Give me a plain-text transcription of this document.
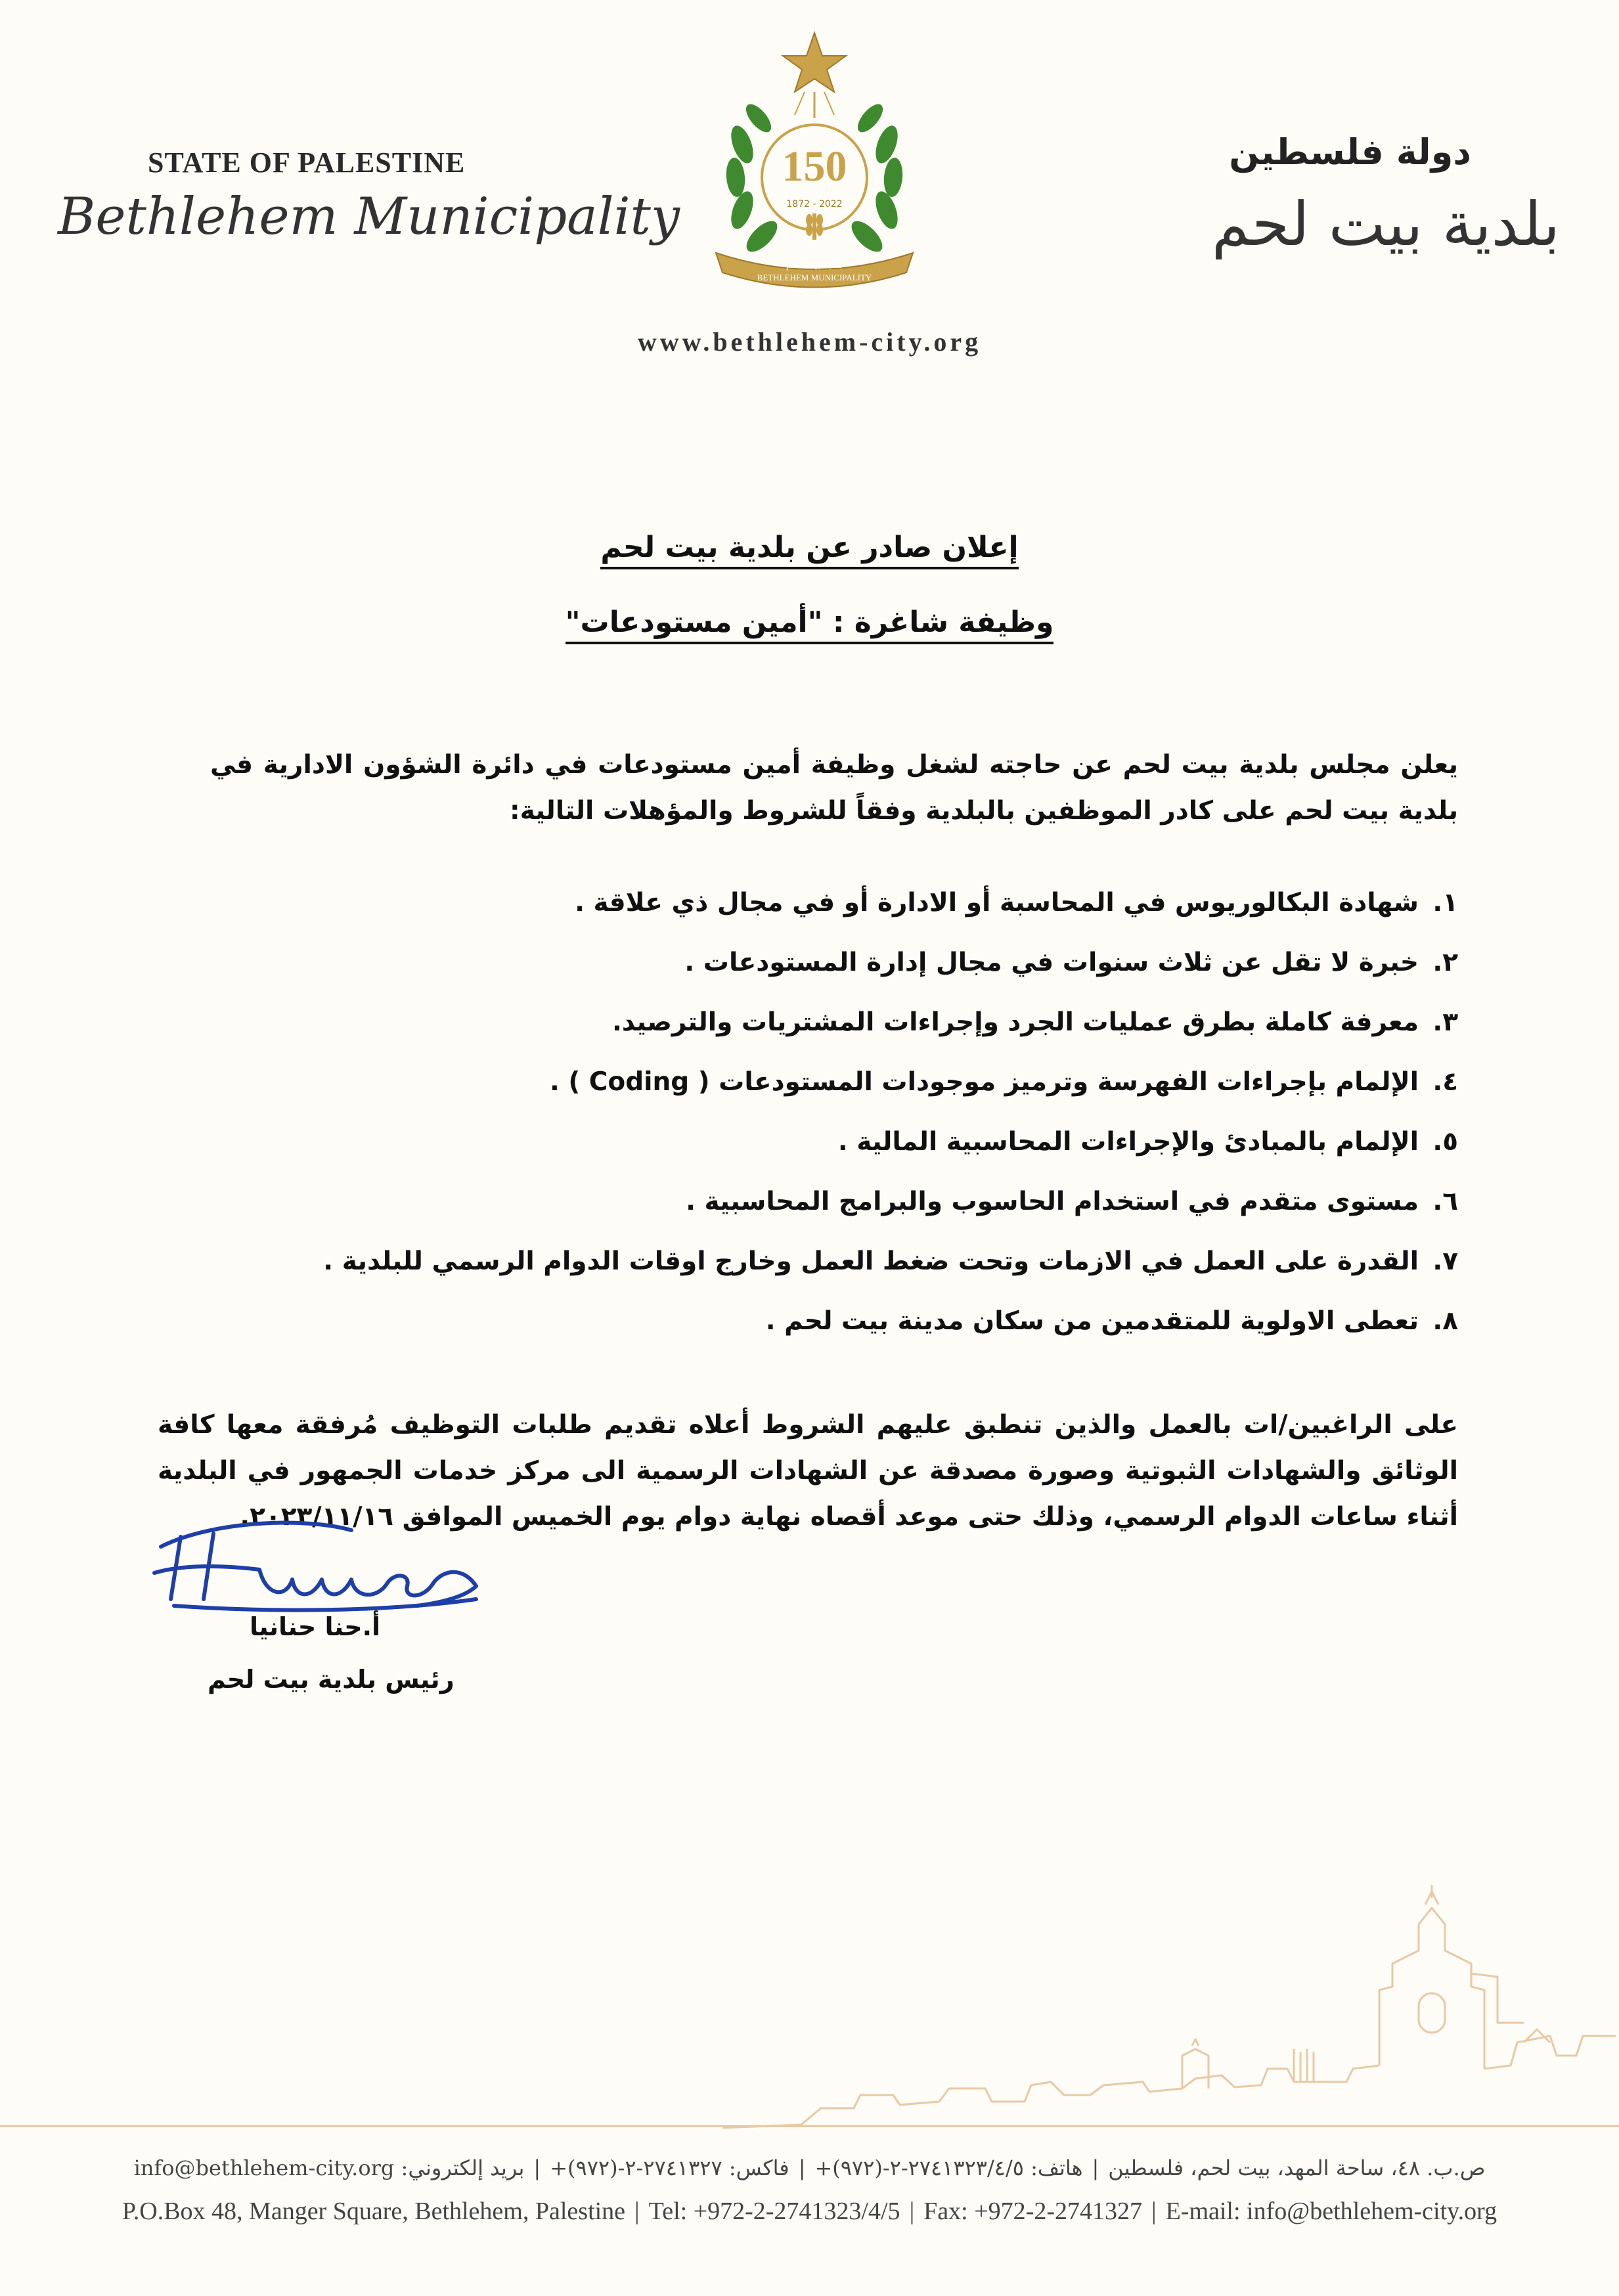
STATE OF PALESTINE
Bethlehem Municipality
دولة فلسطين
بلدية بيت لحم
150
1872 - 2022
بلدية بيت لحم
BETHLEHEM MUNICIPALITY
www.bethlehem-city.org
إعلان صادر عن بلدية بيت لحم
وظيفة شاغرة : "أمين مستودعات"
يعلن مجلس بلدية بيت لحم عن حاجته لشغل وظيفة أمين مستودعات في دائرة الشؤون الادارية في بلدية بيت لحم على كادر الموظفين بالبلدية وفقاً للشروط والمؤهلات التالية:
١.شهادة البكالوريوس في المحاسبة أو الادارة أو في مجال ذي علاقة .
٢.خبرة لا تقل عن ثلاث سنوات في مجال إدارة المستودعات .
٣.معرفة كاملة بطرق عمليات الجرد وإجراءات المشتريات والترصيد.
٤.الإلمام بإجراءات الفهرسة وترميز موجودات المستودعات ( Coding ) .
٥.الإلمام بالمبادئ والإجراءات المحاسبية المالية .
٦.مستوى متقدم في استخدام الحاسوب والبرامج المحاسبية .
٧.القدرة على العمل في الازمات وتحت ضغط العمل وخارج اوقات الدوام الرسمي للبلدية .
٨.تعطى الاولوية للمتقدمين من سكان مدينة بيت لحم .
على الراغبين/ات بالعمل والذين تنطبق عليهم الشروط أعلاه تقديم طلبات التوظيف مُرفقة معها كافة الوثائق والشهادات الثبوتية وصورة مصدقة عن الشهادات الرسمية الى مركز خدمات الجمهور في البلدية أثناء ساعات الدوام الرسمي، وذلك حتى موعد أقصاه نهاية دوام يوم الخميس الموافق ٢٠٢٣/١١/١٦.
أ.حنا حنانيا
رئيس بلدية بيت لحم
ص.ب. ٤٨، ساحة المهد، بيت لحم، فلسطين|هاتف: ٢٧٤١٣٢٣/٤/٥-٢-(٩٧٢)+|فاكس: ٢٧٤١٣٢٧-٢-(٩٧٢)+|بريد إلكتروني: info@bethlehem-city.org
P.O.Box 48, Manger Square, Bethlehem, Palestine | Tel: +972-2-2741323/4/5 | Fax: +972-2-2741327 | E-mail: info@bethlehem-city.org
